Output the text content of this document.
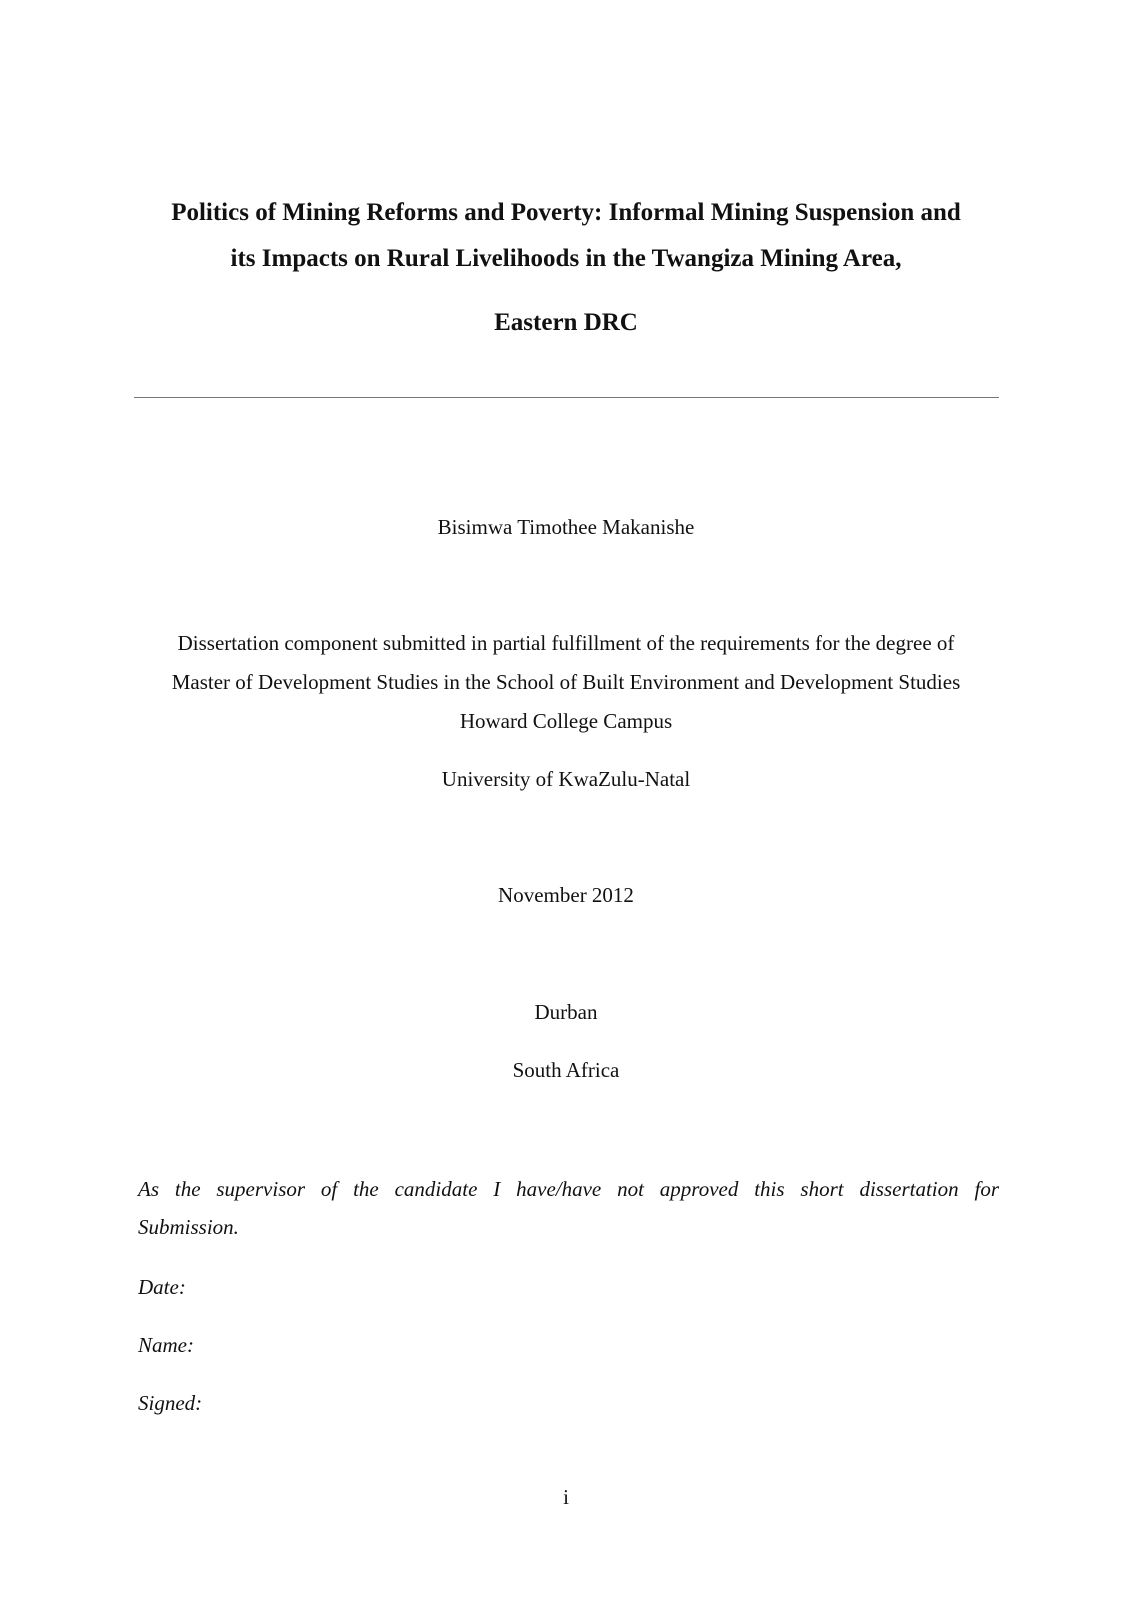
Politics of Mining Reforms and Poverty: Informal Mining Suspension and

its Impacts on Rural Livelihoods in the Twangiza Mining Area,

Eastern DRC

Bisimwa Timothee Makanishe

Dissertation component submitted in partial fulfillment of the requirements for the degree of

Master of Development Studies in the School of Built Environment and Development Studies

Howard College Campus

University of KwaZulu-Natal

November 2012

Durban

South Africa

As the supervisor of the candidate I have/have not approved this short dissertation for
Submission.

Date:

Name:

Signed:

i
